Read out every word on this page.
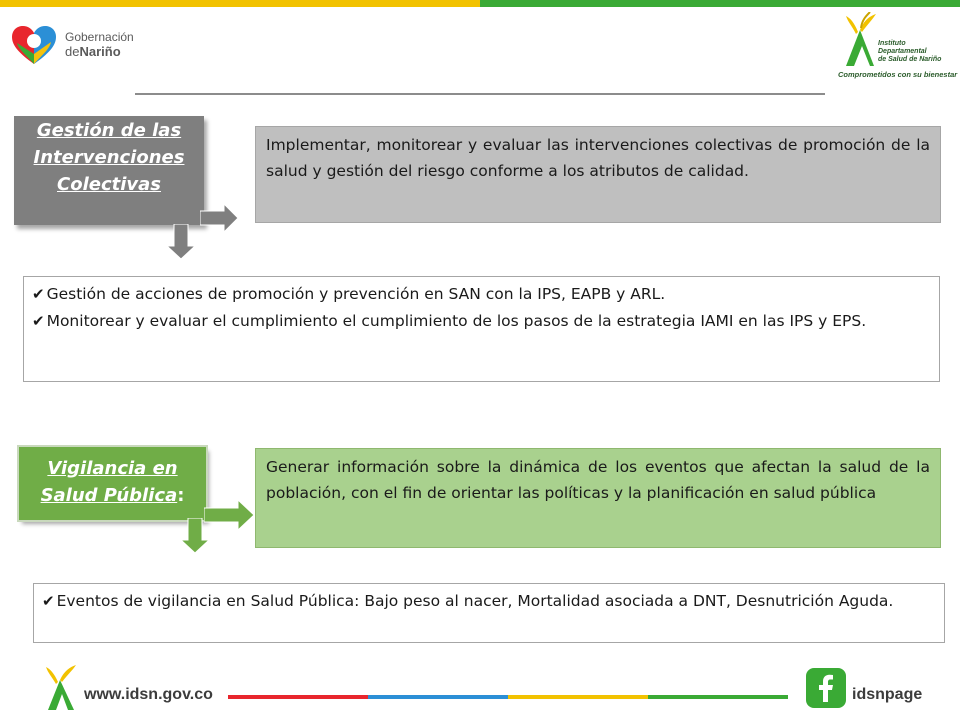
Gobernación
deNariño
Instituto
Departamental
de Salud de Nariño
Comprometidos con su bienestar
Gestión de las Intervenciones Colectivas
Implementar, monitorear y evaluar las intervenciones colectivas de promoción de la salud y gestión del riesgo conforme a los atributos de calidad.

✔ Gestión de acciones de promoción y prevención en SAN con la IPS, EAPB y ARL.

✔ Monitorear y evaluar el cumplimiento el cumplimiento de los pasos de la estrategia IAMI en las IPS y EPS.

Vigilancia en Salud Pública:
Generar información sobre la dinámica de los eventos que afectan la salud de la población, con el fin de orientar las políticas y la planificación en salud pública

✔ Eventos de vigilancia en Salud Pública: Bajo peso al nacer, Mortalidad asociada a DNT, Desnutrición Aguda.

www.idsn.gov.co	idsnpage
